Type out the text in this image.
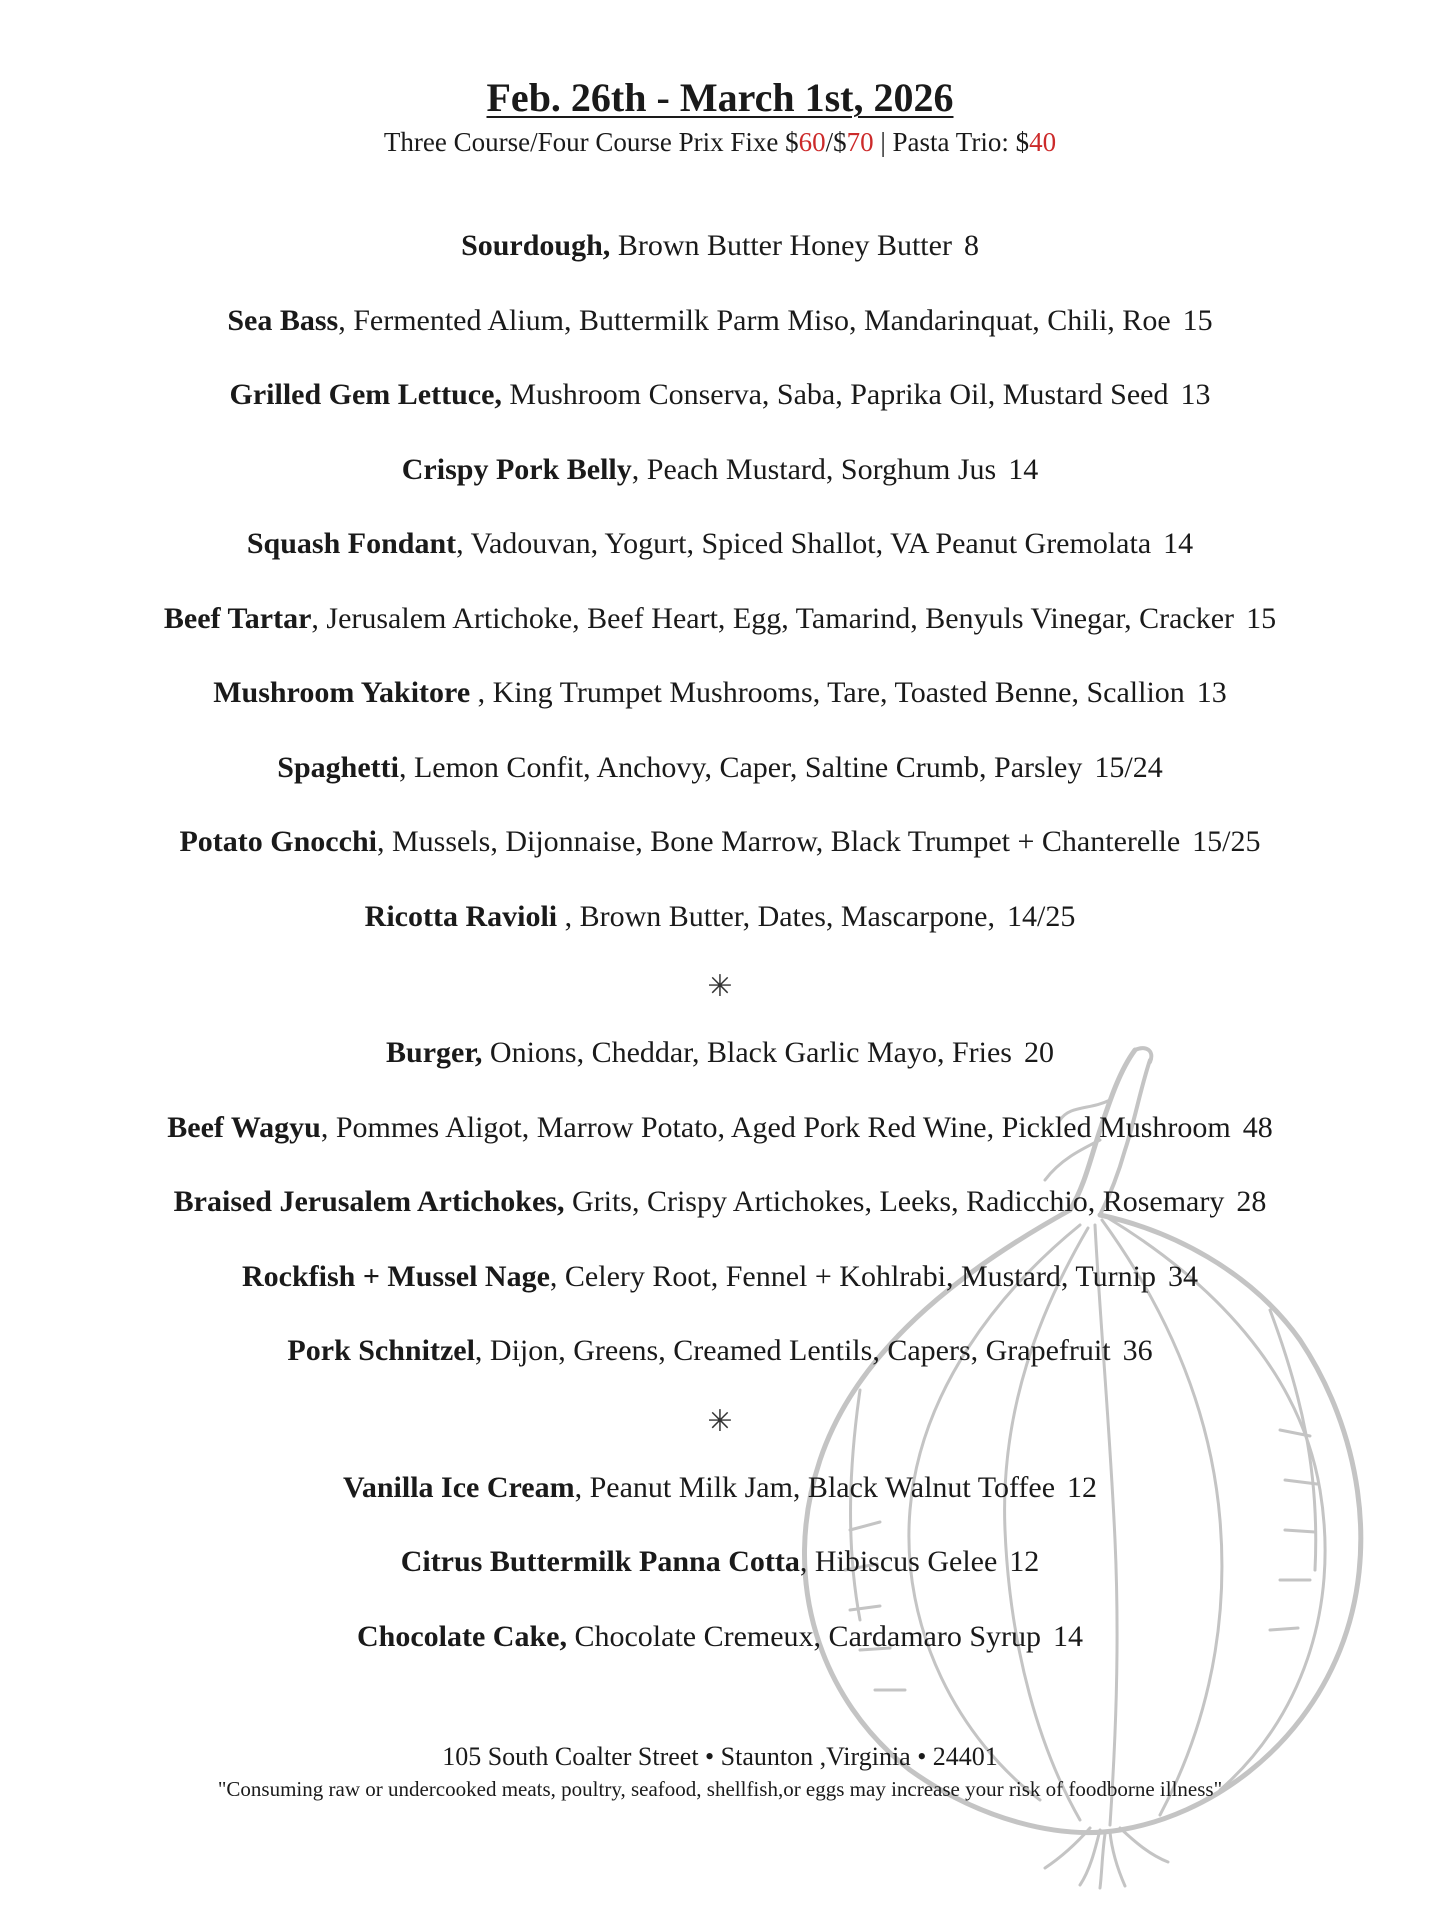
Feb. 26th - March 1st, 2026
Three Course/Four Course Prix Fixe $60/$70 | Pasta Trio: $40
Sourdough, Brown Butter Honey Butter 8
Sea Bass, Fermented Alium, Buttermilk Parm Miso, Mandarinquat, Chili, Roe 15
Grilled Gem Lettuce, Mushroom Conserva, Saba, Paprika Oil, Mustard Seed 13
Crispy Pork Belly, Peach Mustard, Sorghum Jus 14
Squash Fondant, Vadouvan, Yogurt, Spiced Shallot, VA Peanut Gremolata 14
Beef Tartar, Jerusalem Artichoke, Beef Heart, Egg, Tamarind, Benyuls Vinegar, Cracker 15
Mushroom Yakitore , King Trumpet Mushrooms, Tare, Toasted Benne, Scallion 13
Spaghetti, Lemon Confit, Anchovy, Caper, Saltine Crumb, Parsley 15/24
Potato Gnocchi, Mussels, Dijonnaise, Bone Marrow, Black Trumpet + Chanterelle 15/25
Ricotta Ravioli , Brown Butter, Dates, Mascarpone, 14/25
✳
Burger, Onions, Cheddar, Black Garlic Mayo, Fries 20
Beef Wagyu, Pommes Aligot, Marrow Potato, Aged Pork Red Wine, Pickled Mushroom 48
Braised Jerusalem Artichokes, Grits, Crispy Artichokes, Leeks, Radicchio, Rosemary 28
Rockfish + Mussel Nage, Celery Root, Fennel + Kohlrabi, Mustard, Turnip 34
Pork Schnitzel, Dijon, Greens, Creamed Lentils, Capers, Grapefruit 36
✳
Vanilla Ice Cream, Peanut Milk Jam, Black Walnut Toffee 12
Citrus Buttermilk Panna Cotta, Hibiscus Gelee 12
Chocolate Cake, Chocolate Cremeux, Cardamaro Syrup 14
105 South Coalter Street • Staunton ,Virginia • 24401
"Consuming raw or undercooked meats, poultry, seafood, shellfish,or eggs may increase your risk of foodborne illness"
